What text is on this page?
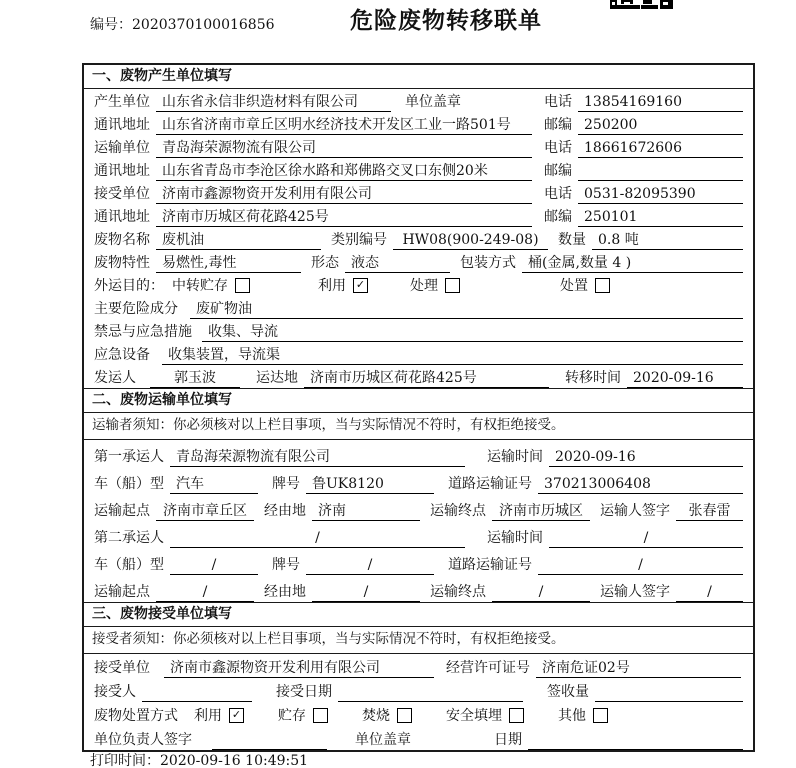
编号：2020370100016856	危险废物转移联单
一、废物产生单位填写
产生单位 山东省永信非织造材料有限公司	单位盖章	电话 13854169160
通讯地址 山东省济南市章丘区明水经济技术开发区工业一路501号	邮编 250200
运输单位 青岛海荣源物流有限公司	电话 18661672606
通讯地址 山东省青岛市李沧区徐水路和郑佛路交叉口东侧20米	邮编
接受单位 济南市鑫源物资开发利用有限公司	电话 0531-82095390
通讯地址 济南市历城区荷花路425号	邮编 250101
废物名称 废机油	类别编号	HW08(900-249-08)	数量 0.8 吨
废物特性 易燃性,毒性	形态 液态	包装方式 桶(金属,数量 4 )
外运目的： 中转贮存	利用 ✓	处理	处置
主要危险成分	废矿物油
禁忌与应急措施	收集、导流
应急设备	收集装置，导流渠
发运人	郭玉波	运达地 济南市历城区荷花路425号	转移时间 2020-09-16
二、废物运输单位填写
运输者须知：你必须核对以上栏目事项，当与实际情况不符时，有权拒绝接受。
第一承运人 青岛海荣源物流有限公司	运输时间 2020-09-16
车（船）型 汽车	牌号 鲁UK8120	道路运输证号 370213006408
运输起点 济南市章丘区	经由地 济南	运输终点 济南市历城区	运输人签字	张春雷
第二承运人	/	运输时间	/
车（船）型	/	牌号	/	道路运输证号	/
运输起点	/	经由地	/	运输终点	/	运输人签字	/
三、废物接受单位填写
接受者须知：你必须核对以上栏目事项，当与实际情况不符时，有权拒绝接受。
接受单位	济南市鑫源物资开发利用有限公司	经营许可证号 济南危证02号
接受人	接受日期	签收量
废物处置方式 利用 ✓	贮存	焚烧	安全填埋	其他
单位负责人签字	单位盖章	日期
打印时间：2020-09-16 10:49:51
